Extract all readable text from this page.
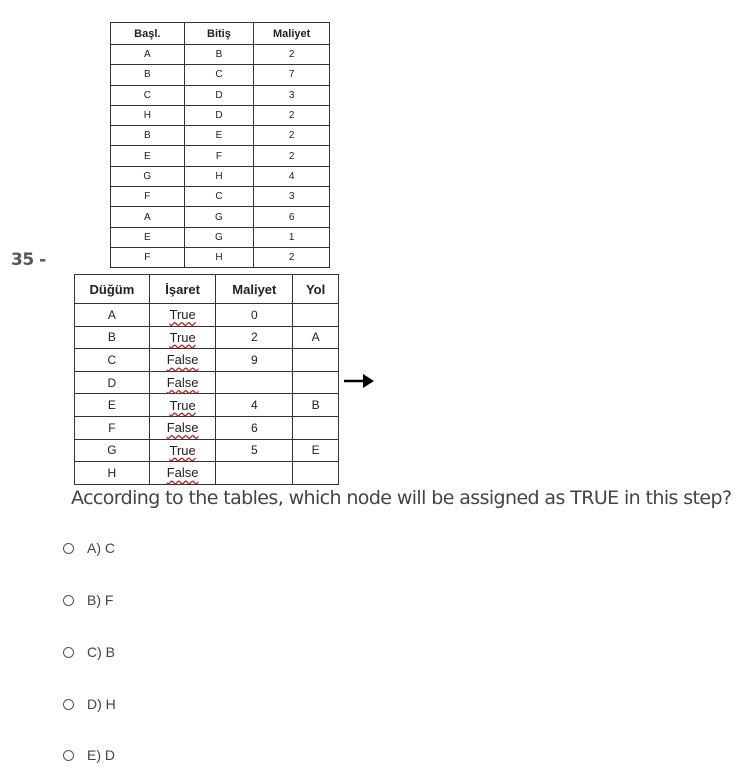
35 -
Başl.	Bitiş	Maliyet
A	B	2
B	C	7
C	D	3
H	D	2
B	E	2
E	F	2
G	H	4
F	C	3
A	G	6
E	G	1
F	H	2
Düğüm	İşaret	Maliyet	Yol
A	True	0	
B	True	2	A
C	False	9	
D	False		
E	True	4	B
F	False	6	
G	True	5	E
H	False		
According to the tables, which node will be assigned as TRUE in this step?
A) C
B) F
C) B
D) H
E) D
